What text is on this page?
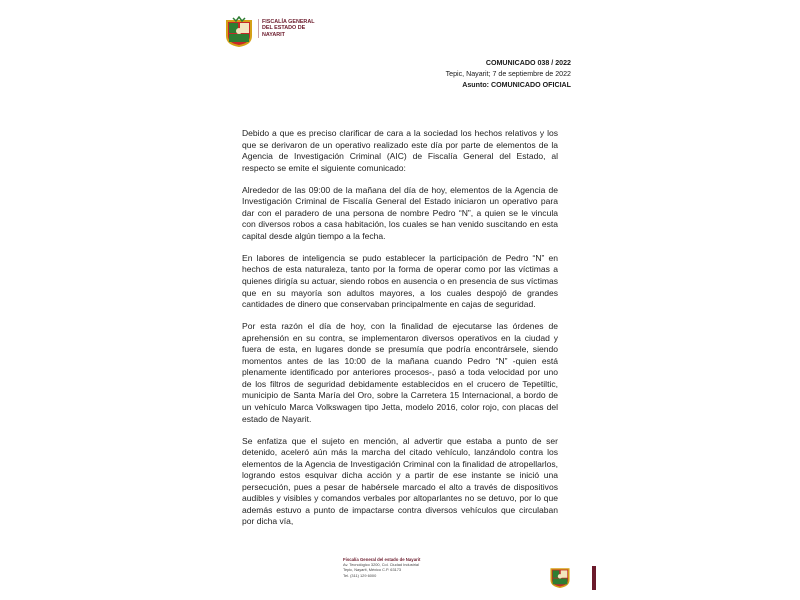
FISCALÍA GENERAL
DEL ESTADO DE
NAYARIT
COMUNICADO 038 / 2022
Tepic, Nayarit; 7 de septiembre de 2022
Asunto: COMUNICADO OFICIAL

Debido a que es preciso clarificar de cara a la sociedad los hechos relativos y los que se derivaron de un operativo realizado este día por parte de elementos de la Agencia de Investigación Criminal (AIC) de Fiscalía General del Estado, al respecto se emite el siguiente comunicado:

Alrededor de las 09:00 de la mañana del día de hoy, elementos de la Agencia de Investigación Criminal de Fiscalía General del Estado iniciaron un operativo para dar con el paradero de una persona de nombre Pedro “N”, a quien se le vincula con diversos robos a casa habitación, los cuales se han venido suscitando en esta capital desde algún tiempo a la fecha.

En labores de inteligencia se pudo establecer la participación de Pedro “N” en hechos de esta naturaleza, tanto por la forma de operar como por las víctimas a quienes dirigía su actuar, siendo robos en ausencia o en presencia de sus víctimas que en su mayoría son adultos mayores, a los cuales despojó de grandes cantidades de dinero que conservaban principalmente en cajas de seguridad.

Por esta razón el día de hoy, con la finalidad de ejecutarse las órdenes de aprehensión en su contra, se implementaron diversos operativos en la ciudad y fuera de esta, en lugares donde se presumía que podría encontrársele, siendo momentos antes de las 10:00 de la mañana cuando Pedro “N” -quien está plenamente identificado por anteriores procesos-, pasó a toda velocidad por uno de los filtros de seguridad debidamente establecidos en el crucero de Tepetiltic, municipio de Santa María del Oro, sobre la Carretera 15 Internacional, a bordo de un vehículo Marca Volkswagen tipo Jetta, modelo 2016, color rojo, con placas del estado de Nayarit.

Se enfatiza que el sujeto en mención, al advertir que estaba a punto de ser detenido, aceleró aún más la marcha del citado vehículo, lanzándolo contra los elementos de la Agencia de Investigación Criminal con la finalidad de atropellarlos, logrando estos esquivar dicha acción y a partir de ese instante se inició una persecución, pues a pesar de habérsele marcado el alto a través de dispositivos audibles y visibles y comandos verbales por altoparlantes no se detuvo, por lo que además estuvo a punto de impactarse contra diversos vehículos que circulaban por dicha vía,

Fiscalía General del estado de Nayarit
Av. Tecnológico 3200, Col. Ciudad Industrial
Tepic, Nayarit, México C.P. 63173
Tel. (311) 129 6000
